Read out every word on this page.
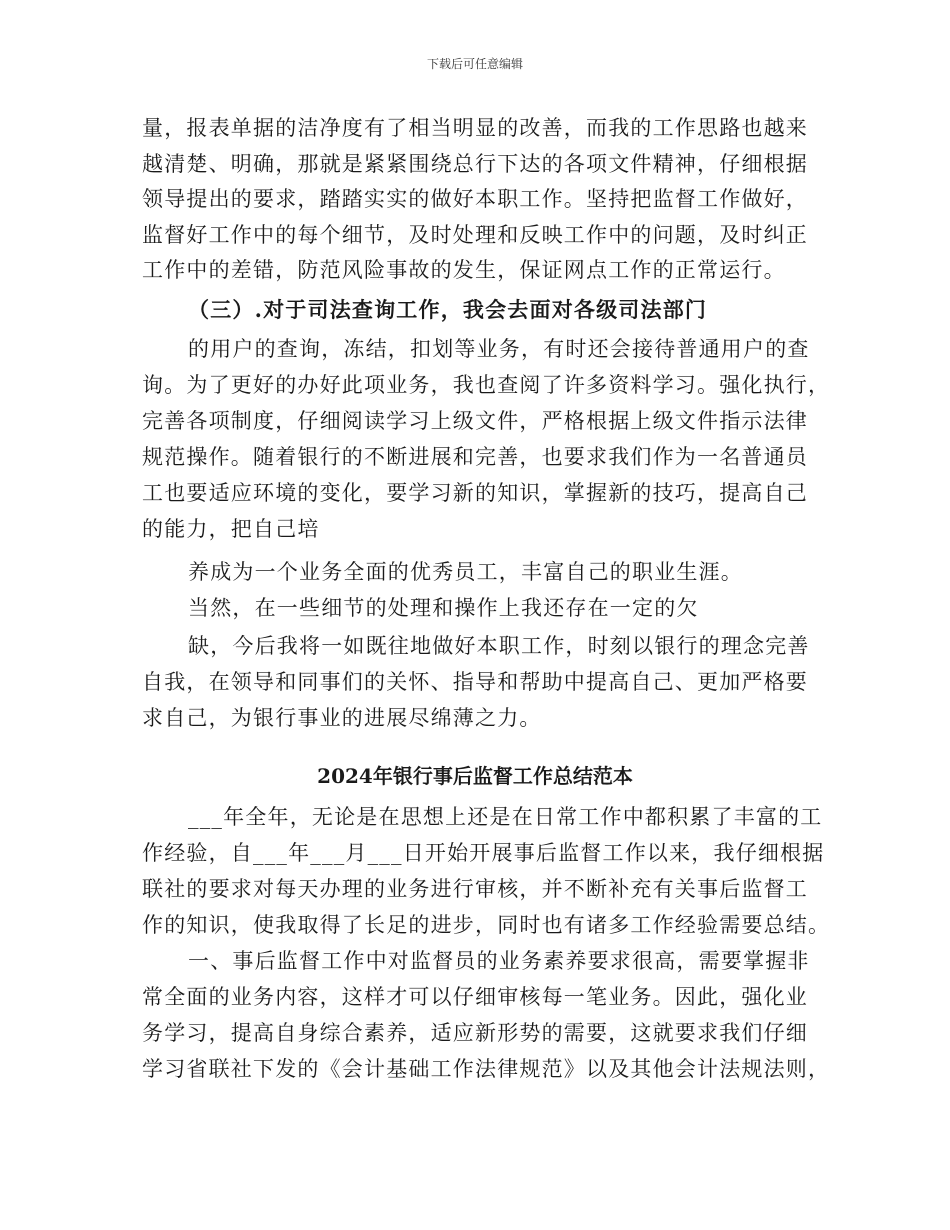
下载后可任意编辑
量，报表单据的洁净度有了相当明显的改善，而我的工作思路也越来
越清楚、明确，那就是紧紧围绕总行下达的各项文件精神，仔细根据
领导提出的要求，踏踏实实的做好本职工作。坚持把监督工作做好，
监督好工作中的每个细节，及时处理和反映工作中的问题，及时纠正
工作中的差错，防范风险事故的发生，保证网点工作的正常运行。
（三）.对于司法查询工作，我会去面对各级司法部门
的用户的查询，冻结，扣划等业务，有时还会接待普通用户的查
询。为了更好的办好此项业务，我也查阅了许多资料学习。强化执行，
完善各项制度，仔细阅读学习上级文件，严格根据上级文件指示法律
规范操作。随着银行的不断进展和完善，也要求我们作为一名普通员
工也要适应环境的变化，要学习新的知识，掌握新的技巧，提高自己
的能力，把自己培
养成为一个业务全面的优秀员工，丰富自己的职业生涯。
当然，在一些细节的处理和操作上我还存在一定的欠
缺，今后我将一如既往地做好本职工作，时刻以银行的理念完善
自我，在领导和同事们的关怀、指导和帮助中提高自己、更加严格要
求自己，为银行事业的进展尽绵薄之力。
2024年银行事后监督工作总结范本
___年全年，无论是在思想上还是在日常工作中都积累了丰富的工
作经验，自___年___月___日开始开展事后监督工作以来，我仔细根据
联社的要求对每天办理的业务进行审核，并不断补充有关事后监督工
作的知识，使我取得了长足的进步，同时也有诸多工作经验需要总结。
一、事后监督工作中对监督员的业务素养要求很高，需要掌握非
常全面的业务内容，这样才可以仔细审核每一笔业务。因此，强化业
务学习，提高自身综合素养，适应新形势的需要，这就要求我们仔细
学习省联社下发的《会计基础工作法律规范》以及其他会计法规法则，
